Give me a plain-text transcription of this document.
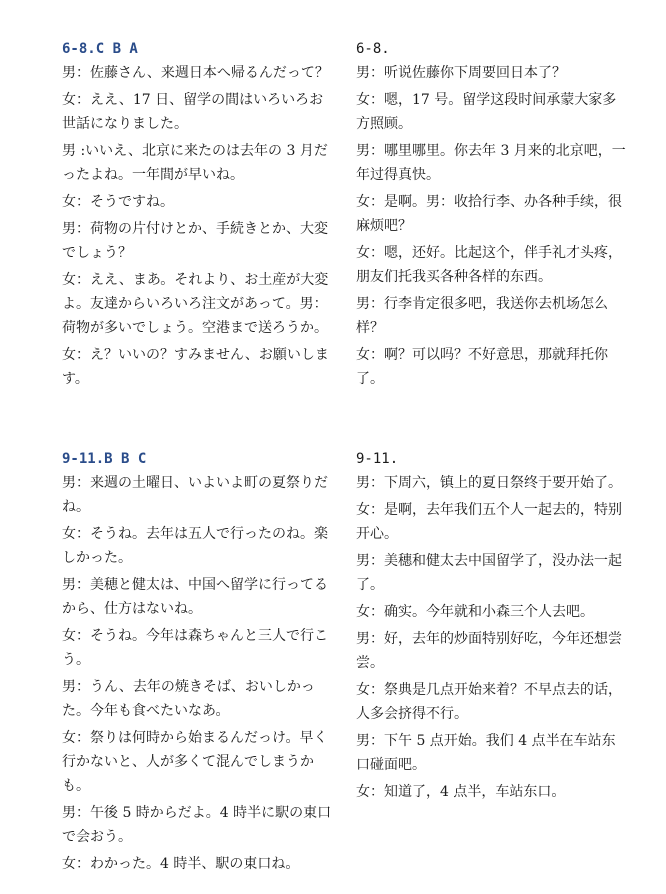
6-8.C B A

男：佐藤さん、来週日本へ帰るんだって？

女：ええ、17 日、留学の間はいろいろお世話になりました。

男 :いいえ、北京に来たのは去年の 3 月だったよね。一年間が早いね。

女：そうですね。

男：荷物の片付けとか、手続きとか、大変でしょう？

女：ええ、まあ。それより、お土産が大変よ。友達からいろいろ注文があって。男：荷物が多いでしょう。空港まで送ろうか。

女：え？いいの？すみません、お願いします。

6-8.

男：听说佐藤你下周要回日本了？

女：嗯，17 号。留学这段时间承蒙大家多方照顾。

男：哪里哪里。你去年 3 月来的北京吧，一年过得真快。

女：是啊。男：收拾行李、办各种手续，很麻烦吧？

女：嗯，还好。比起这个，伴手礼才头疼，朋友们托我买各种各样的东西。

男：行李肯定很多吧，我送你去机场怎么样？

女：啊？可以吗？不好意思，那就拜托你了。

9-11.B B C

男：来週の土曜日、いよいよ町の夏祭りだね。

女：そうね。去年は五人で行ったのね。楽しかった。

男：美穂と健太は、中国へ留学に行ってるから、仕方はないね。

女：そうね。今年は森ちゃんと三人で行こう。

男：うん、去年の焼きそば、おいしかった。今年も食べたいなあ。

女：祭りは何時から始まるんだっけ。早く行かないと、人が多くて混んでしまうかも。

男：午後 5 時からだよ。4 時半に駅の東口で会おう。

女：わかった。4 時半、駅の東口ね。

9-11.

男：下周六，镇上的夏日祭终于要开始了。

女：是啊，去年我们五个人一起去的，特别开心。

男：美穗和健太去中国留学了，没办法一起了。

女：确实。今年就和小森三个人去吧。

男：好，去年的炒面特别好吃，今年还想尝尝。

女：祭典是几点开始来着？不早点去的话，人多会挤得不行。

男：下午 5 点开始。我们 4 点半在车站东口碰面吧。

女：知道了，4 点半，车站东口。
